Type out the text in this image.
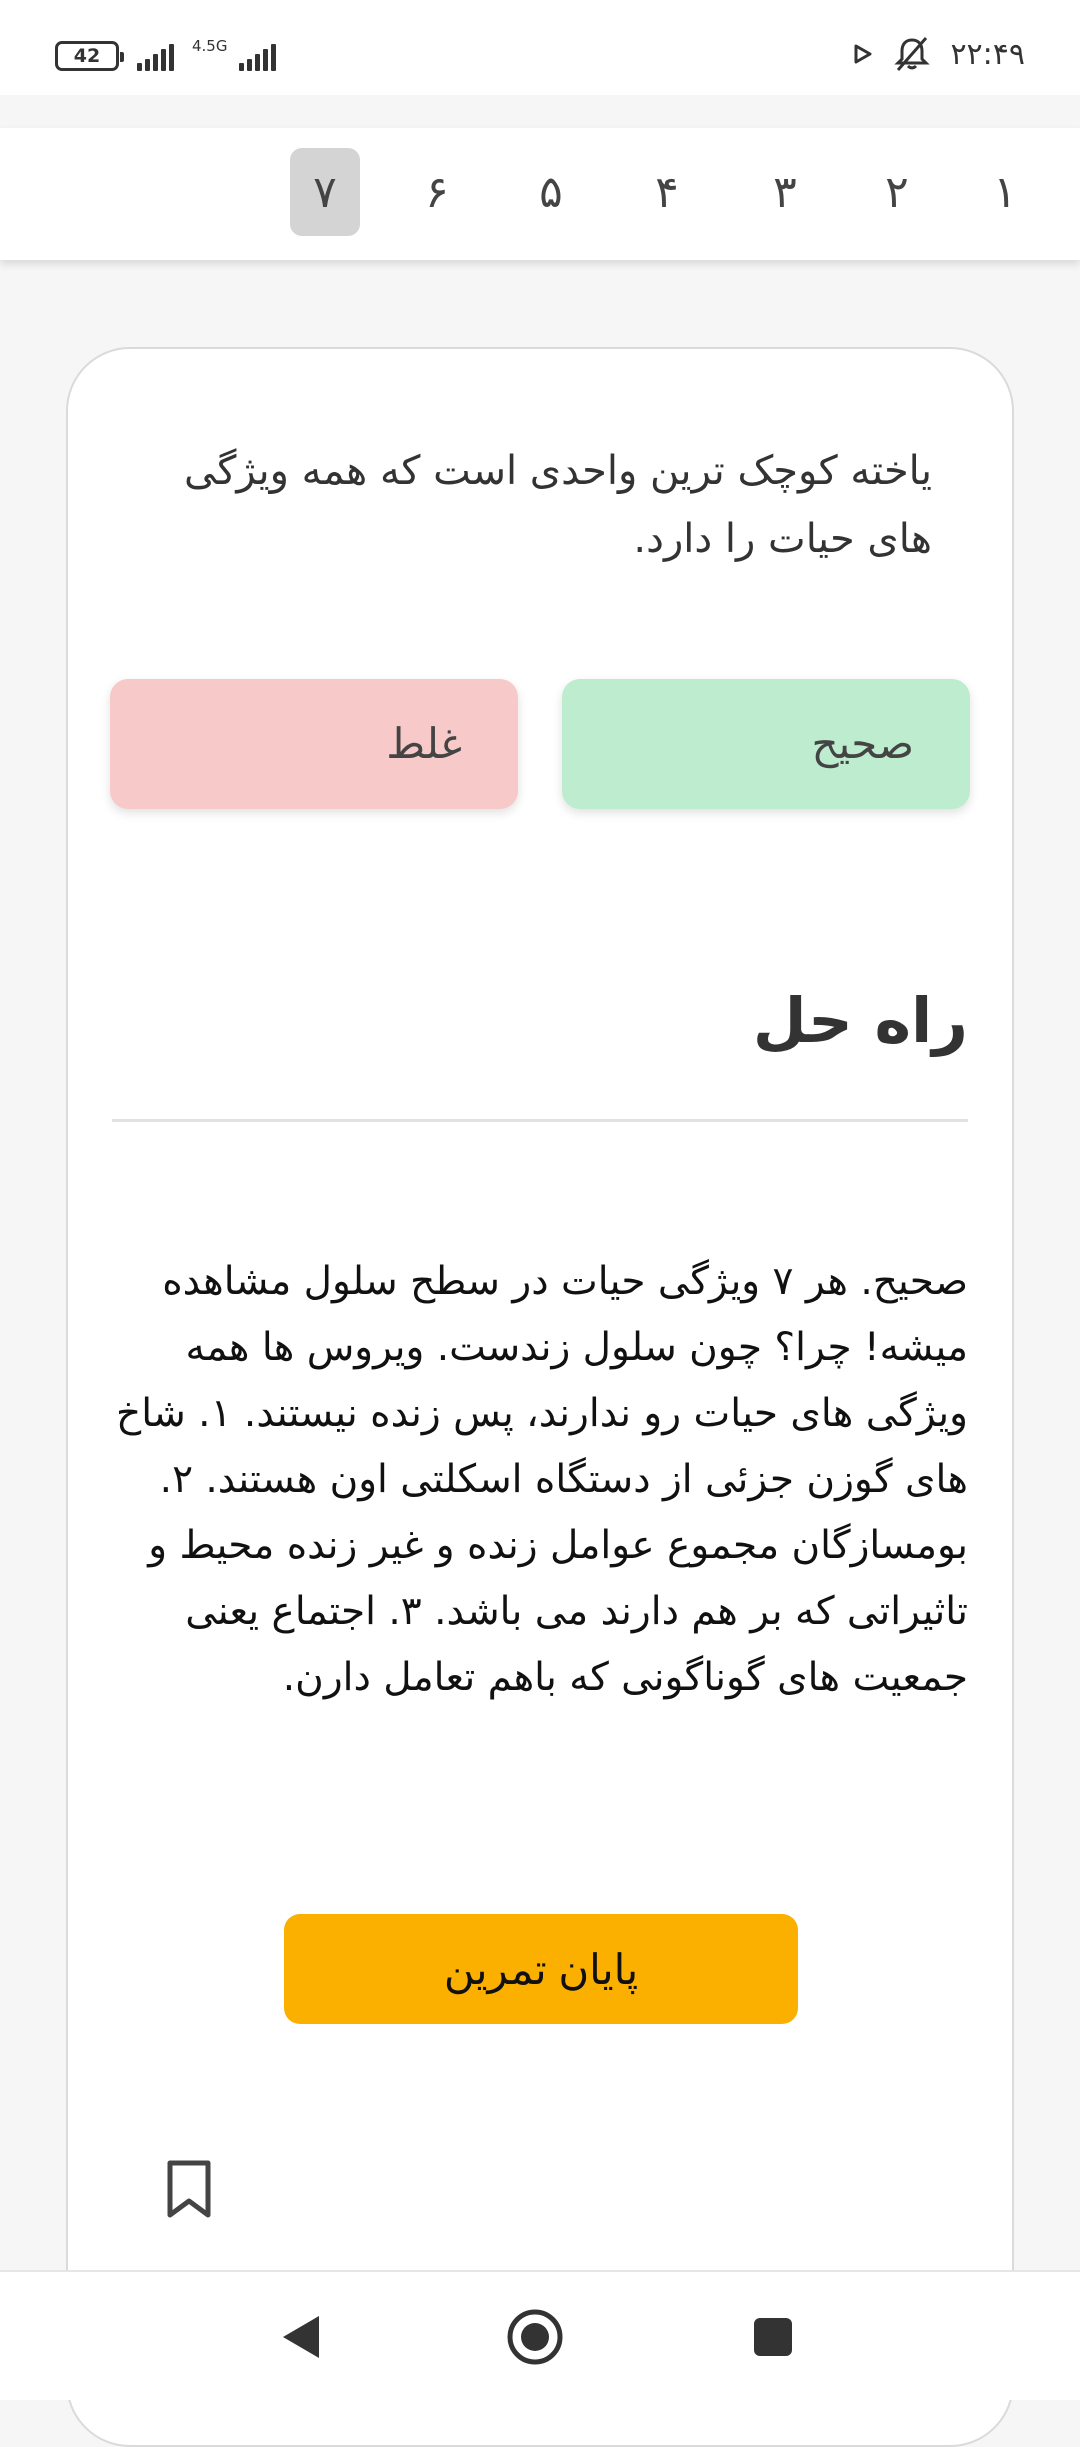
42	4.5G	۲۲:۴۹
۱
۲
۳
۴
۵
۶
۷
یاخته کوچک ترین واحدی است که همه ویژگی های حیات را دارد.
صحیح
غلط
راه حل
صحیح. هر ۷ ویژگی حیات در سطح سلول مشاهده میشه! چرا؟ چون سلول زندست. ویروس ها همه ویژگی های حیات رو ندارند، پس زنده نیستند. ۱. شاخ های گوزن جزئی از دستگاه اسکلتی اون هستند. ۲. بومسازگان مجموع عوامل زنده و غیر زنده محیط و تاثیراتی که بر هم دارند می باشد. ۳. اجتماع یعنی جمعیت های گوناگونی که باهم تعامل دارن.
پایان تمرین
